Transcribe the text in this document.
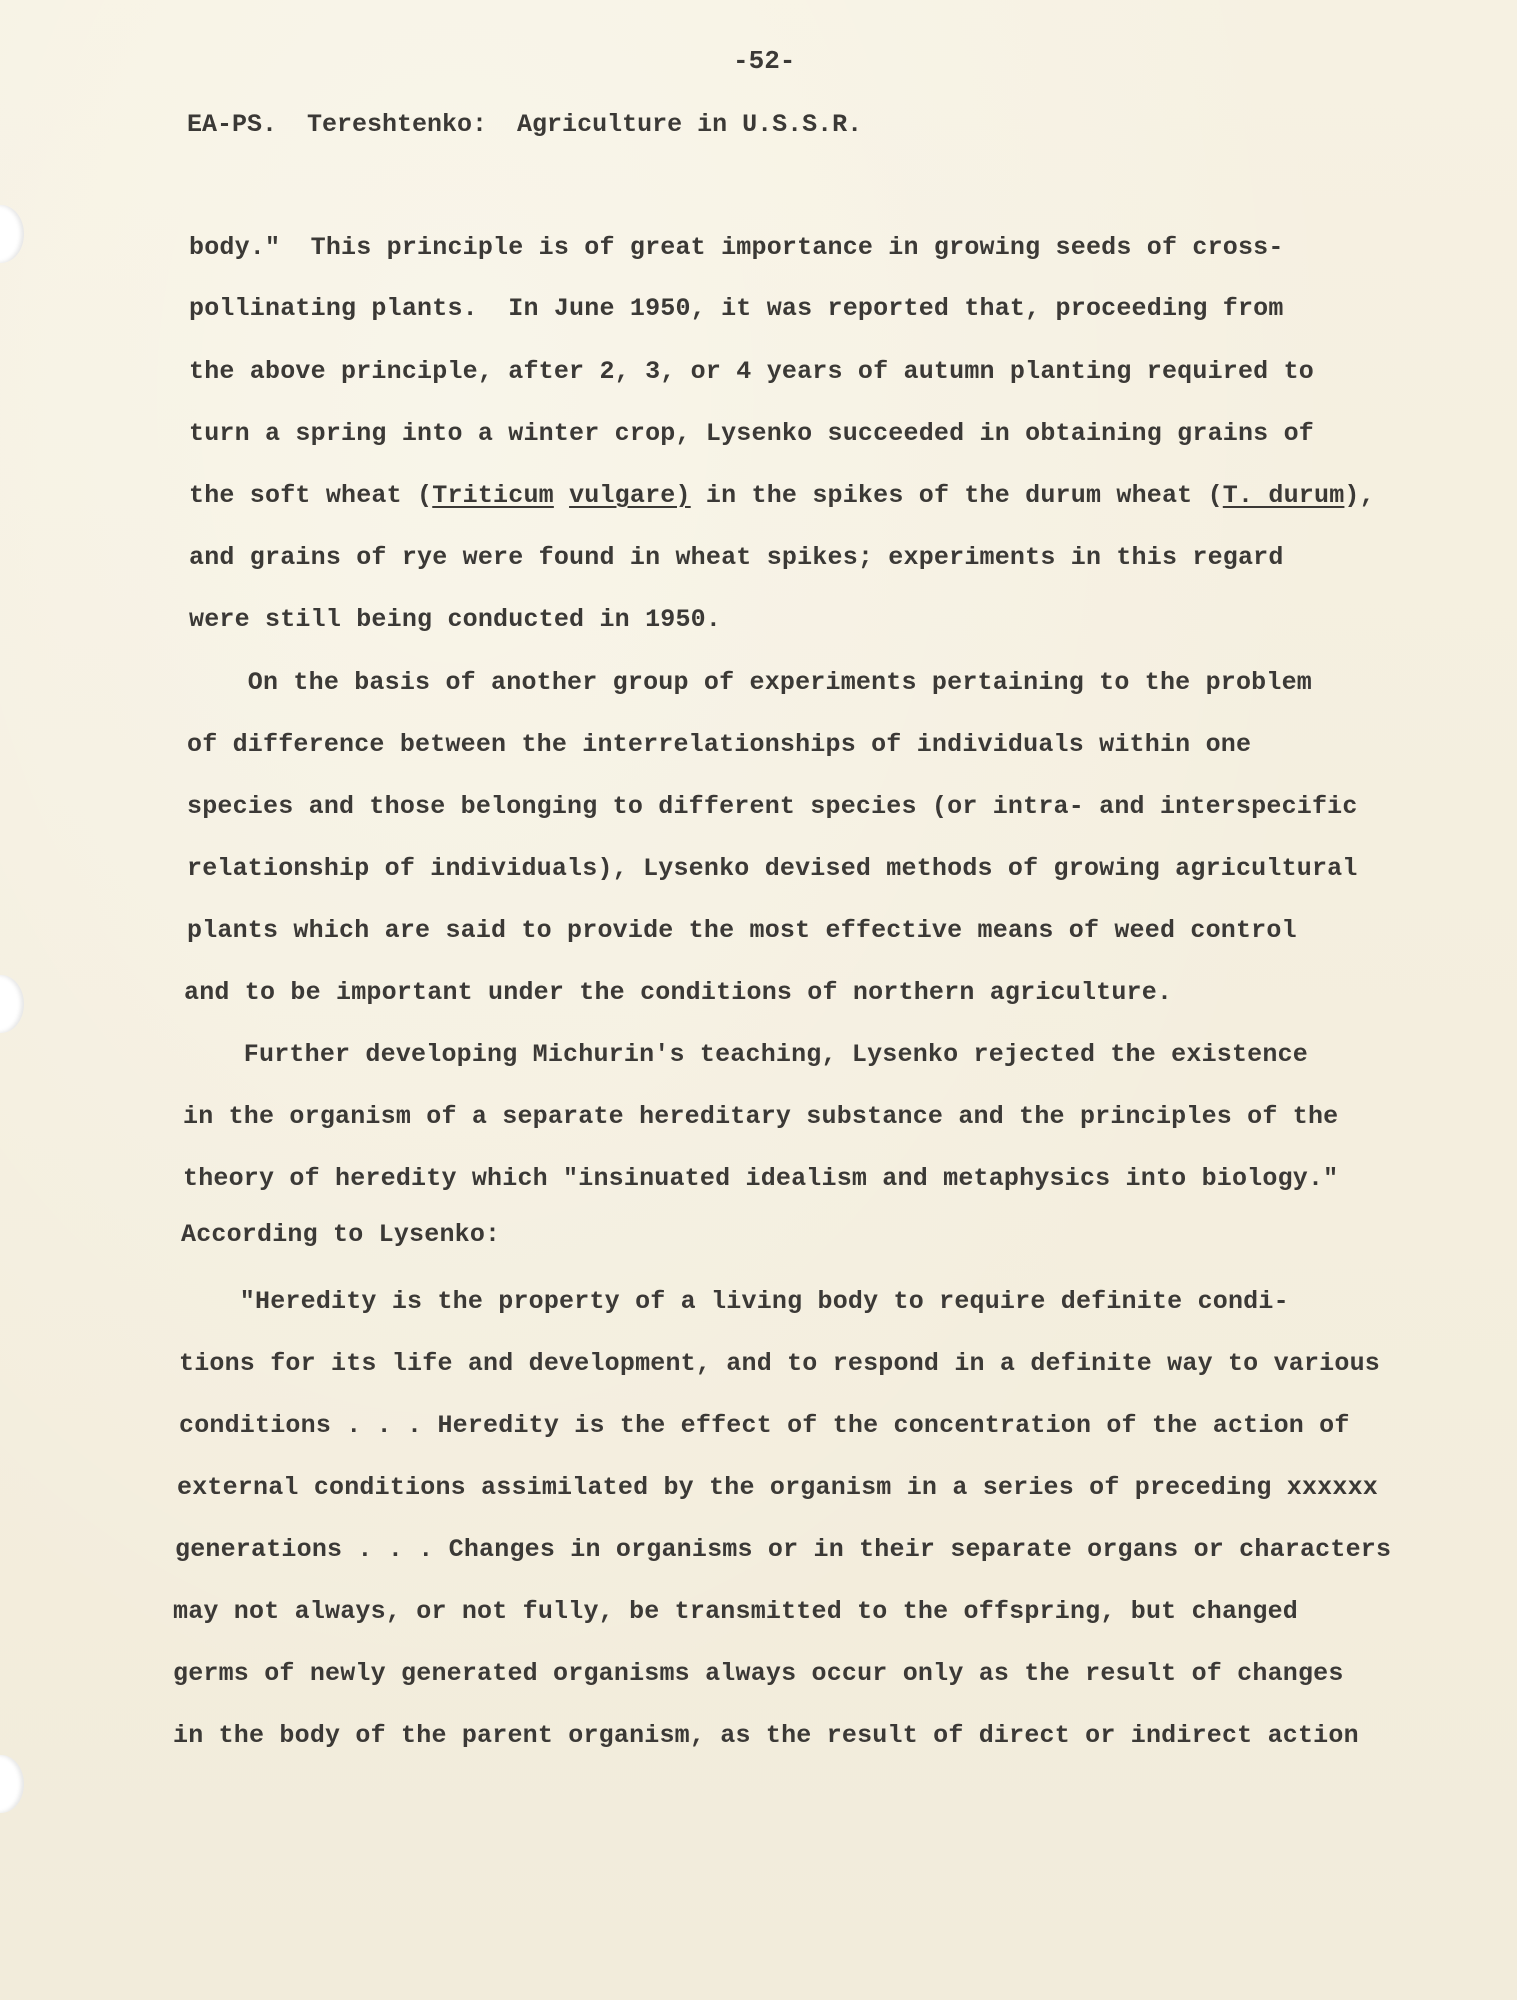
-52-
EA-PS.  Tereshtenko:  Agriculture in U.S.S.R.
body."  This principle is of great importance in growing seeds of cross-
pollinating plants.  In June 1950, it was reported that, proceeding from
the above principle, after 2, 3, or 4 years of autumn planting required to
turn a spring into a winter crop, Lysenko succeeded in obtaining grains of
the soft wheat (Triticum vulgare) in the spikes of the durum wheat (T. durum),
and grains of rye were found in wheat spikes; experiments in this regard
were still being conducted in 1950.
On the basis of another group of experiments pertaining to the problem
of difference between the interrelationships of individuals within one
species and those belonging to different species (or intra- and interspecific
relationship of individuals), Lysenko devised methods of growing agricultural
plants which are said to provide the most effective means of weed control
and to be important under the conditions of northern agriculture.
Further developing Michurin's teaching, Lysenko rejected the existence
in the organism of a separate hereditary substance and the principles of the
theory of heredity which "insinuated idealism and metaphysics into biology."
According to Lysenko:
"Heredity is the property of a living body to require definite condi-
tions for its life and development, and to respond in a definite way to various
conditions . . . Heredity is the effect of the concentration of the action of
external conditions assimilated by the organism in a series of preceding xxxxxx
generations . . . Changes in organisms or in their separate organs or characters
may not always, or not fully, be transmitted to the offspring, but changed
germs of newly generated organisms always occur only as the result of changes
in the body of the parent organism, as the result of direct or indirect action
